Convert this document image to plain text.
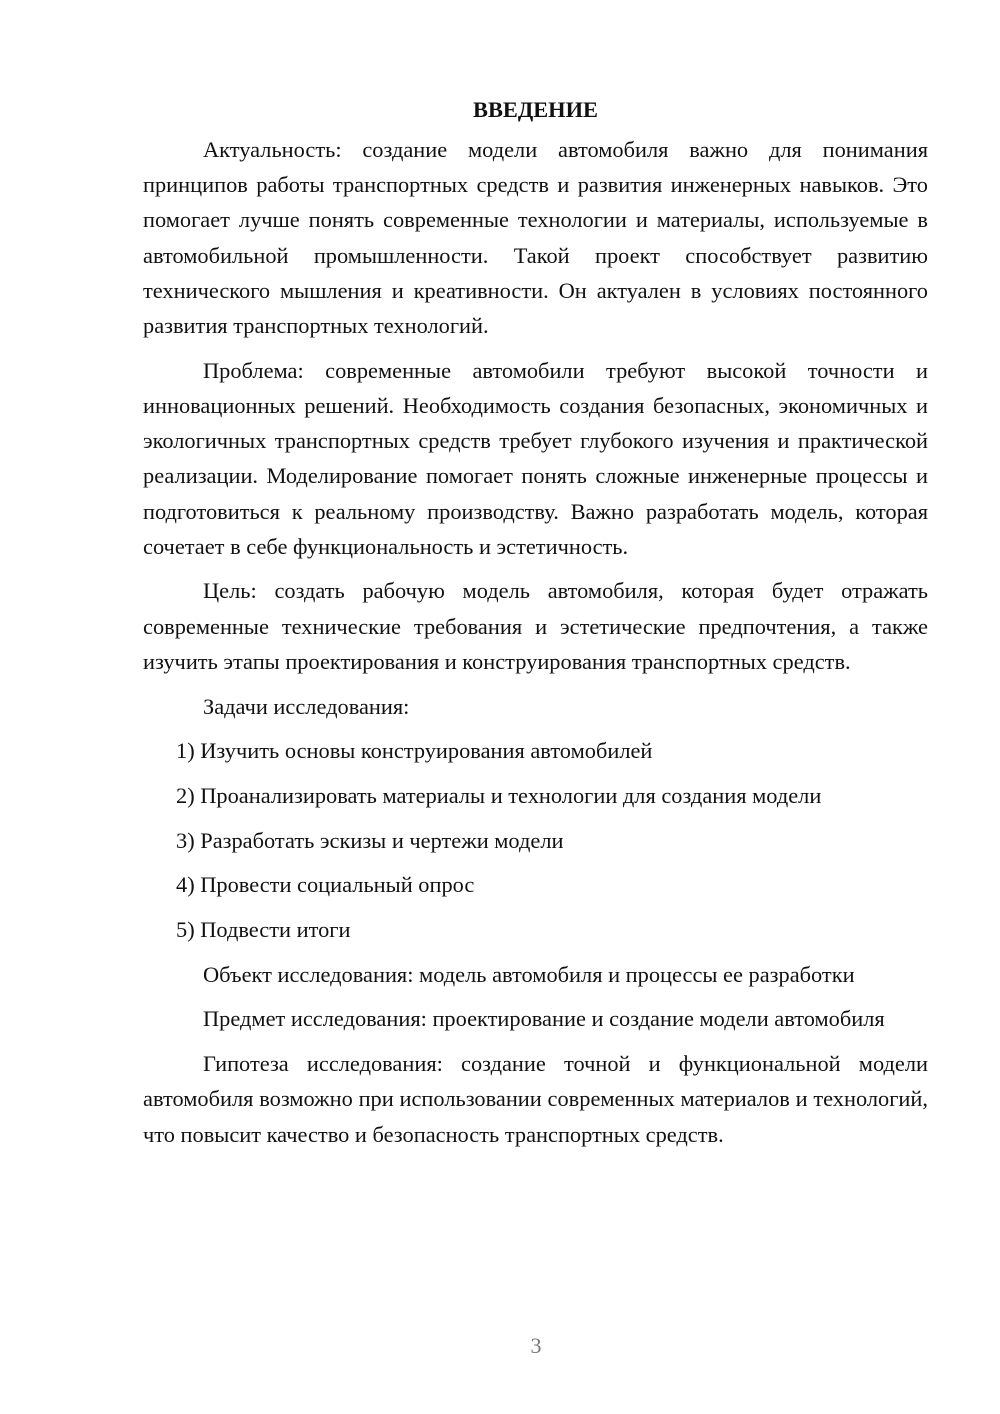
ВВЕДЕНИЕ
Актуальность: создание модели автомобиля важно для понимания принципов работы транспортных средств и развития инженерных навыков. Это помогает лучше понять современные технологии и материалы, используемые в автомобильной промышленности. Такой проект способствует развитию технического мышления и креативности. Он актуален в условиях постоянного развития транспортных технологий.
Проблема: современные автомобили требуют высокой точности и инновационных решений. Необходимость создания безопасных, экономичных и экологичных транспортных средств требует глубокого изучения и практической реализации. Моделирование помогает понять сложные инженерные процессы и подготовиться к реальному производству. Важно разработать модель, которая сочетает в себе функциональность и эстетичность.
Цель: создать рабочую модель автомобиля, которая будет отражать современные технические требования и эстетические предпочтения, а также изучить этапы проектирования и конструирования транспортных средств.
Задачи исследования:
1) Изучить основы конструирования автомобилей
2) Проанализировать материалы и технологии для создания модели
3) Разработать эскизы и чертежи модели
4) Провести социальный опрос
5) Подвести итоги
Объект исследования: модель автомобиля и процессы ее разработки
Предмет исследования: проектирование и создание модели автомобиля
Гипотеза исследования: создание точной и функциональной модели автомобиля возможно при использовании современных материалов и технологий, что повысит качество и безопасность транспортных средств.
3
